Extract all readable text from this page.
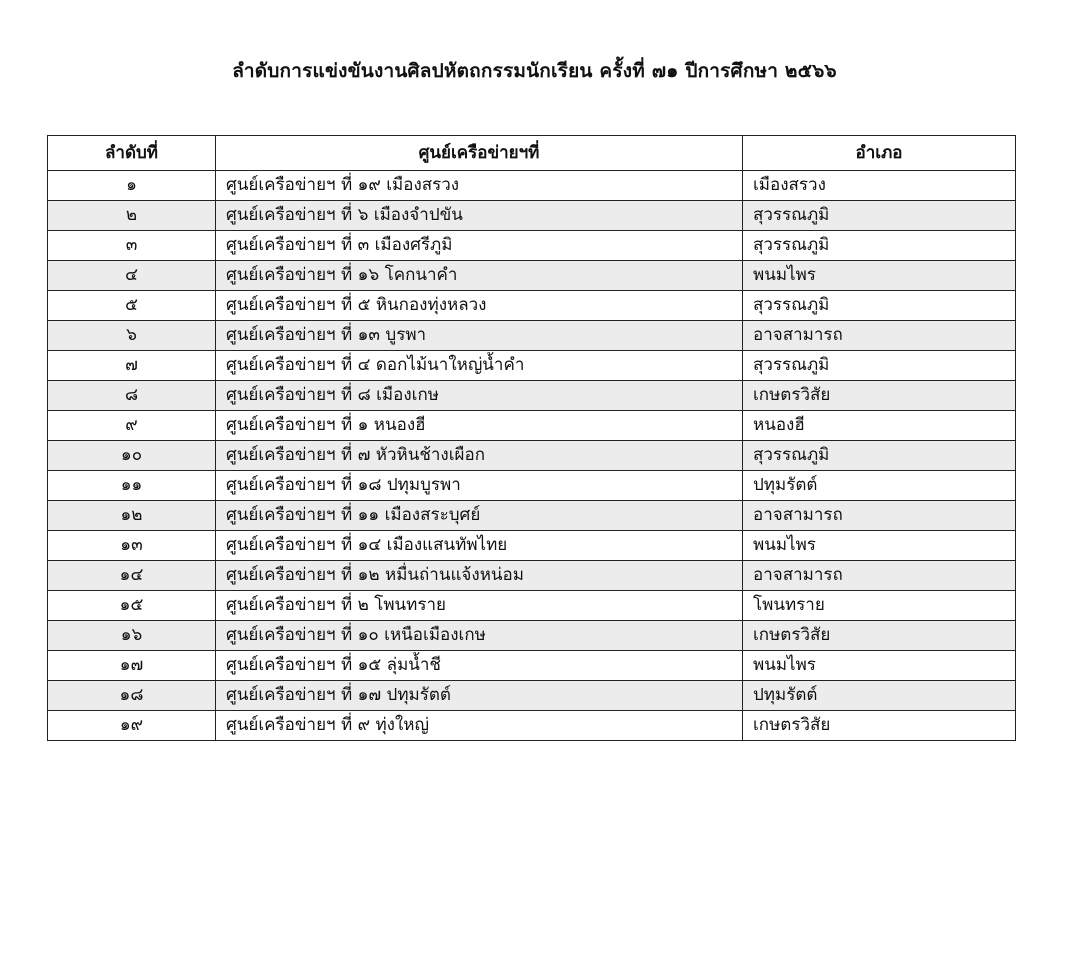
ลำดับการแข่งขันงานศิลปหัตถกรรมนักเรียน ครั้งที่ ๗๑ ปีการศึกษา ๒๕๖๖
ลำดับที่	ศูนย์เครือข่ายฯที่	อำเภอ
๑	ศูนย์เครือข่ายฯ ที่ ๑๙ เมืองสรวง	เมืองสรวง
๒	ศูนย์เครือข่ายฯ ที่ ๖ เมืองจำปขัน	สุวรรณภูมิ
๓	ศูนย์เครือข่ายฯ ที่ ๓ เมืองศรีภูมิ	สุวรรณภูมิ
๔	ศูนย์เครือข่ายฯ ที่ ๑๖ โคกนาคำ	พนมไพร
๕	ศูนย์เครือข่ายฯ ที่ ๕ หินกองทุ่งหลวง	สุวรรณภูมิ
๖	ศูนย์เครือข่ายฯ ที่ ๑๓ บูรพา	อาจสามารถ
๗	ศูนย์เครือข่ายฯ ที่ ๔ ดอกไม้นาใหญ่น้ำคำ	สุวรรณภูมิ
๘	ศูนย์เครือข่ายฯ ที่ ๘ เมืองเกษ	เกษตรวิสัย
๙	ศูนย์เครือข่ายฯ ที่ ๑ หนองฮี	หนองฮี
๑๐	ศูนย์เครือข่ายฯ ที่ ๗ หัวหินช้างเผือก	สุวรรณภูมิ
๑๑	ศูนย์เครือข่ายฯ ที่ ๑๘ ปทุมบูรพา	ปทุมรัตต์
๑๒	ศูนย์เครือข่ายฯ ที่ ๑๑ เมืองสระบุศย์	อาจสามารถ
๑๓	ศูนย์เครือข่ายฯ ที่ ๑๔ เมืองแสนทัพไทย	พนมไพร
๑๔	ศูนย์เครือข่ายฯ ที่ ๑๒ หมื่นถ่านแจ้งหน่อม	อาจสามารถ
๑๕	ศูนย์เครือข่ายฯ ที่ ๒ โพนทราย	โพนทราย
๑๖	ศูนย์เครือข่ายฯ ที่ ๑๐ เหนือเมืองเกษ	เกษตรวิสัย
๑๗	ศูนย์เครือข่ายฯ ที่ ๑๕ ลุ่มน้ำชี	พนมไพร
๑๘	ศูนย์เครือข่ายฯ ที่ ๑๗ ปทุมรัตต์	ปทุมรัตต์
๑๙	ศูนย์เครือข่ายฯ ที่ ๙ ทุ่งใหญ่	เกษตรวิสัย
